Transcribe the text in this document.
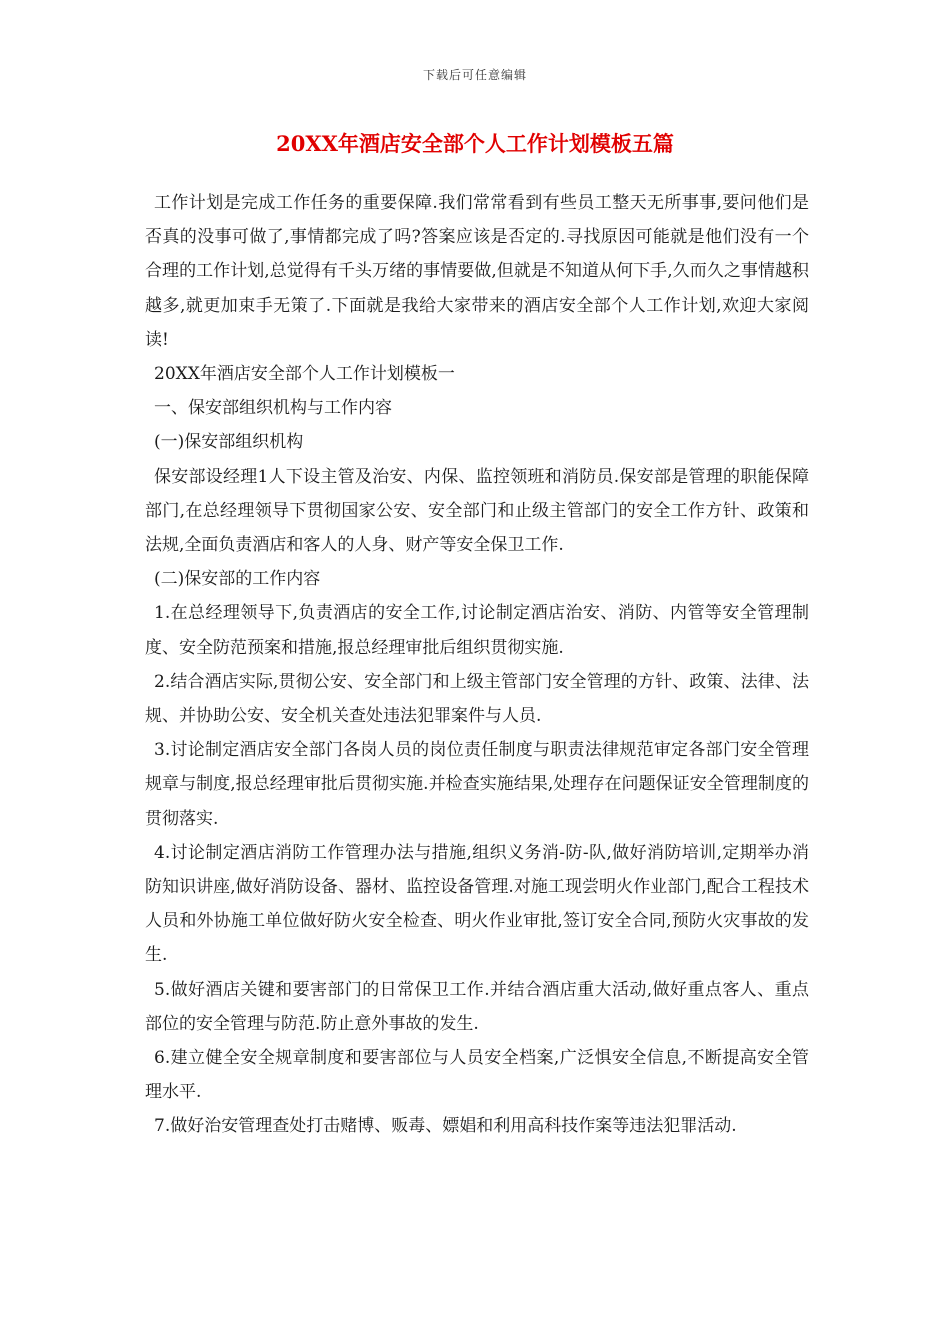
下载后可任意编辑
20XX年酒店安全部个人工作计划模板五篇

工作计划是完成工作任务的重要保障.我们常常看到有些员工整天无所事事,要问他们是否真的没事可做了,事情都完成了吗?答案应该是否定的.寻找原因可能就是他们没有一个合理的工作计划,总觉得有千头万绪的事情要做,但就是不知道从何下手,久而久之事情越积越多,就更加束手无策了.下面就是我给大家带来的酒店安全部个人工作计划,欢迎大家阅读!

20XX年酒店安全部个人工作计划模板一

一、保安部组织机构与工作内容

(一)保安部组织机构

保安部设经理1人下设主管及治安、内保、监控领班和消防员.保安部是管理的职能保障部门,在总经理领导下贯彻国家公安、安全部门和止级主管部门的安全工作方针、政策和法规,全面负责酒店和客人的人身、财产等安全保卫工作.

(二)保安部的工作内容

1.在总经理领导下,负责酒店的安全工作,讨论制定酒店治安、消防、内管等安全管理制度、安全防范预案和措施,报总经理审批后组织贯彻实施.

2.结合酒店实际,贯彻公安、安全部门和上级主管部门安全管理的方针、政策、法律、法规、并协助公安、安全机关查处违法犯罪案件与人员.

3.讨论制定酒店安全部门各岗人员的岗位责任制度与职责法律规范审定各部门安全管理规章与制度,报总经理审批后贯彻实施.并检查实施结果,处理存在问题保证安全管理制度的贯彻落实.

4.讨论制定酒店消防工作管理办法与措施,组织义务消-防-队,做好消防培训,定期举办消防知识讲座,做好消防设备、器材、监控设备管理.对施工现尝明火作业部门,配合工程技术人员和外协施工单位做好防火安全检查、明火作业审批,签订安全合同,预防火灾事故的发生.

5.做好酒店关键和要害部门的日常保卫工作.并结合酒店重大活动,做好重点客人、重点部位的安全管理与防范.防止意外事故的发生.

6.建立健全安全规章制度和要害部位与人员安全档案,广泛惧安全信息,不断提高安全管理水平.

7.做好治安管理查处打击赌博、贩毒、嫖娼和利用高科技作案等违法犯罪活动.
